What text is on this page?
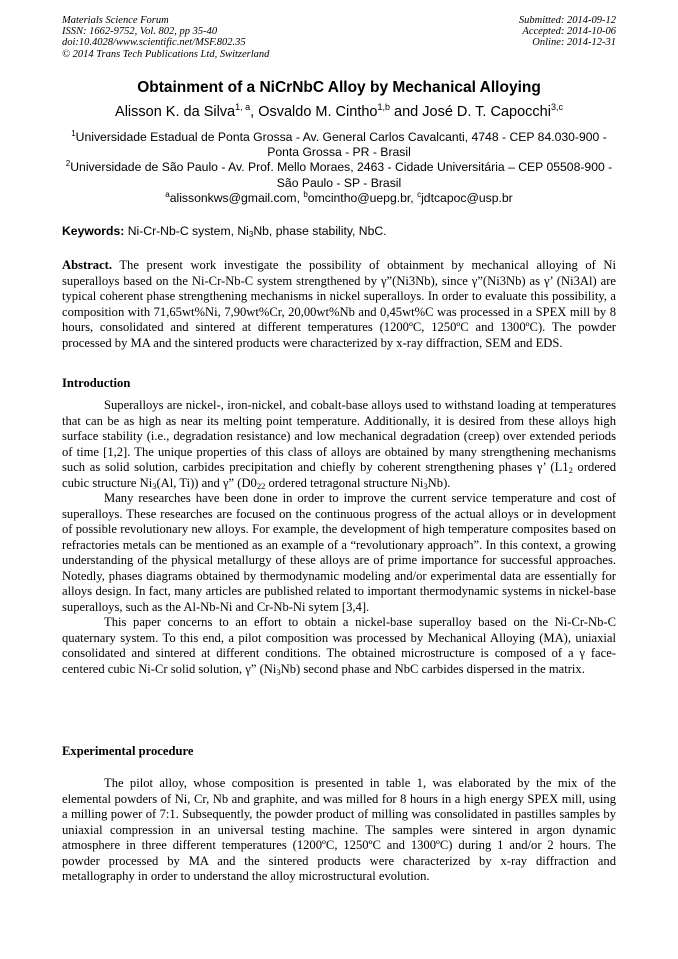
Materials Science Forum
ISSN: 1662-9752, Vol. 802, pp 35-40
doi:10.4028/www.scientific.net/MSF.802.35
© 2014 Trans Tech Publications Ltd, Switzerland
Submitted: 2014-09-12
Accepted: 2014-10-06
Online: 2014-12-31
Obtainment of a NiCrNbC Alloy by Mechanical Alloying
Alisson K. da Silva$^{1, a}$, Osvaldo M. Cintho$^{1,b}$ and José D. T. Capocchi$^{3,c}$

$^1$Universidade Estadual de Ponta Grossa - Av. General Carlos Cavalcanti, 4748 - CEP 84.030-900 - Ponta Grossa - PR - Brasil

$^2$Universidade de São Paulo - Av. Prof. Mello Moraes, 2463 - Cidade Universitária – CEP 05508-900 - São Paulo - SP - Brasil

$^a$alissonkws@gmail.com, $^b$omcintho@uepg.br, $^c$jdtcapoc@usp.br

Keywords: Ni-Cr-Nb-C system, $Ni_3Nb$, phase stability, NbC.

Abstract. The present work investigate the possibility of obtainment by mechanical alloying of Ni superalloys based on the Ni-Cr-Nb-C system strengthened by γ”(Ni3Nb), since γ”(Ni3Nb) as γ’ (Ni3Al) are typical coherent phase strengthening mechanisms in nickel superalloys. In order to evaluate this possibility, a composition with 71,65wt%Ni, 7,90wt%Cr, 20,00wt%Nb and 0,45wt%C was processed in a SPEX mill by 8 hours, consolidated and sintered at different temperatures (1200ºC, 1250ºC and 1300ºC). The powder processed by MA and the sintered products were characterized by x-ray diffraction, SEM and EDS.

Introduction

Superalloys are nickel-, iron-nickel, and cobalt-base alloys used to withstand loading at temperatures that can be as high as near its melting point temperature. Additionally, it is desired from these alloys high surface stability (i.e., degradation resistance) and low mechanical degradation (creep) over extended periods of time [1,2]. The unique properties of this class of alloys are obtained by many strengthening mechanisms such as solid solution, carbides precipitation and chiefly by coherent strengthening phases γ’ ($L1_2$ ordered cubic structure $Ni_3(Al$, Ti)) and γ” ($D0_{22}$ ordered tetragonal structure $Ni_3Nb$).

Many researches have been done in order to improve the current service temperature and cost of superalloys. These researches are focused on the continuous progress of the actual alloys or in development of possible revolutionary new alloys. For example, the development of high temperature composites based on refractories metals can be mentioned as an example of a “revolutionary approach”. In this context, a growing understanding of the physical metallurgy of these alloys are of prime importance for successful approaches. Notedly, phases diagrams obtained by thermodynamic modeling and/or experimental data are essentially for alloys design. In fact, many articles are published related to important thermodynamic systems in nickel-base superalloys, such as the Al-Nb-Ni and Cr-Nb-Ni sytem [3,4].

This paper concerns to an effort to obtain a nickel-base superalloy based on the Ni-Cr-Nb-C quaternary system. To this end, a pilot composition was processed by Mechanical Alloying (MA), uniaxial consolidated and sintered at different conditions. The obtained microstructure is composed of a γ face-centered cubic Ni-Cr solid solution, γ” $(Ni_3Nb)$ second phase and NbC carbides dispersed in the matrix.

Experimental procedure

The pilot alloy, whose composition is presented in table 1, was elaborated by the mix of the elemental powders of Ni, Cr, Nb and graphite, and was milled for 8 hours in a high energy SPEX mill, using a milling power of 7:1. Subsequently, the powder product of milling was consolidated in pastilles samples by uniaxial compression in an universal testing machine. The samples were sintered in argon dynamic atmosphere in three different temperatures (1200ºC, 1250ºC and 1300ºC) during 1 and/or 2 hours. The powder processed by MA and the sintered products were characterized by x-ray diffraction and metallography in order to understand the alloy microstructural evolution.
